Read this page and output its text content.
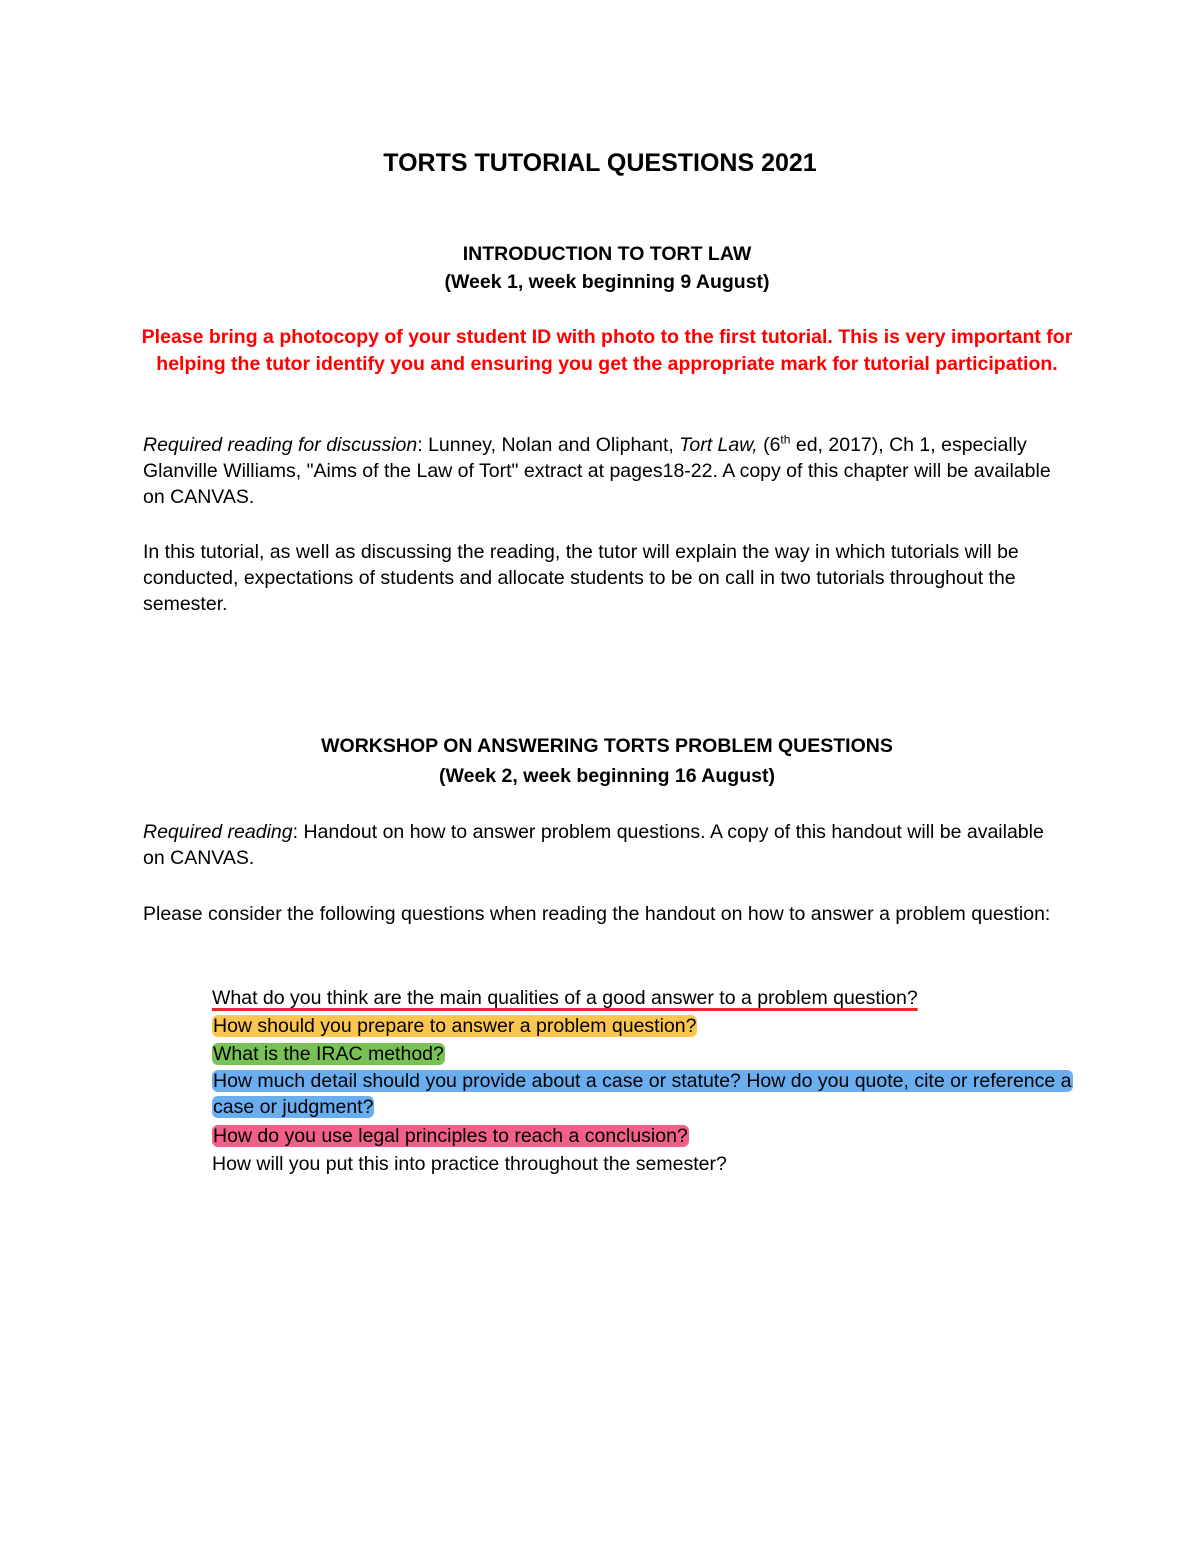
TORTS TUTORIAL QUESTIONS 2021
INTRODUCTION TO TORT LAW
(Week 1, week beginning 9 August)

Please bring a photocopy of your student ID with photo to the first tutorial. This is very important for helping the tutor identify you and ensuring you get the appropriate mark for tutorial participation.

Required reading for discussion: Lunney, Nolan and Oliphant, Tort Law, (6th ed, 2017), Ch 1, especially Glanville Williams, "Aims of the Law of Tort" extract at pages18-22. A copy of this chapter will be available on CANVAS.

In this tutorial, as well as discussing the reading, the tutor will explain the way in which tutorials will be conducted, expectations of students and allocate students to be on call in two tutorials throughout the semester.

WORKSHOP ON ANSWERING TORTS PROBLEM QUESTIONS
(Week 2, week beginning 16 August)

Required reading: Handout on how to answer problem questions. A copy of this handout will be available on CANVAS.

Please consider the following questions when reading the handout on how to answer a problem question:

What do you think are the main qualities of a good answer to a problem question?
How should you prepare to answer a problem question?
What is the IRAC method?
How much detail should you provide about a case or statute? How do you quote, cite or reference a case or judgment?
How do you use legal principles to reach a conclusion?
How will you put this into practice throughout the semester?
